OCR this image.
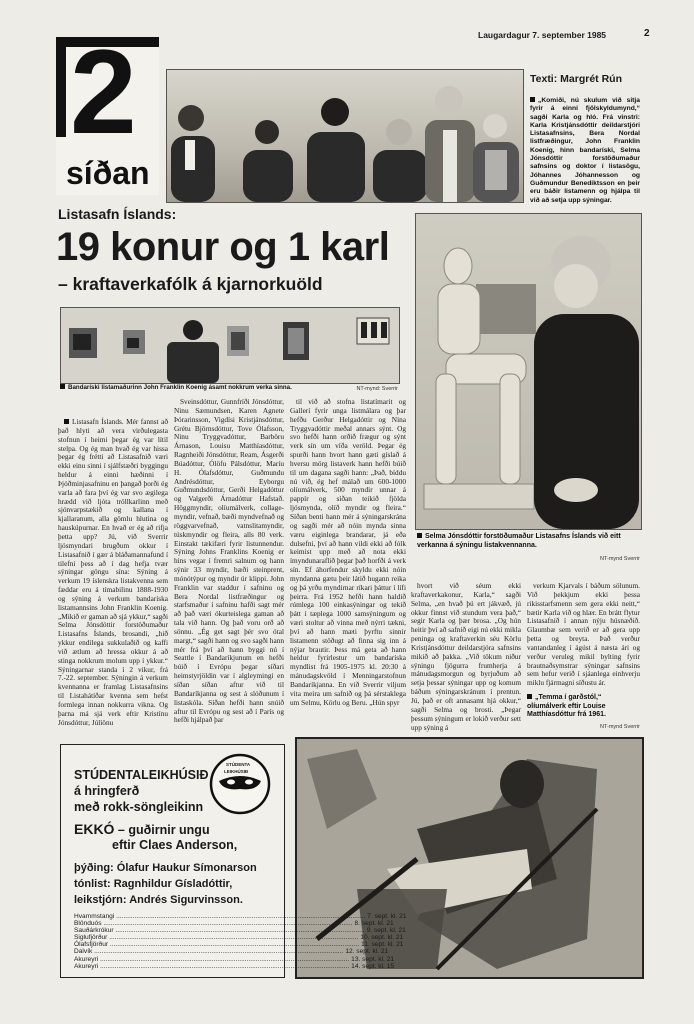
Laugardagur 7. september 1985	2
2
síðan
Texti: Margrét Rún
„Komiði, nú skulum við sitja fyrir á einni fjölskyldumynd,“ sagði Karla og hló. Frá vinstri: Karla Kristjánsdóttir deildarstjóri Listasafnsins, Bera Nordal listfræðingur, John Franklin Koenig, hinn bandaríski, Selma Jónsdóttir forstöðumaður safnsins og doktor í listasögu, Jóhannes Jóhannesson og Guðmundur Benediktsson en þeir eru báðir listamenn og hjálpa til við að setja upp sýningar.
Listasafn Íslands:
19 konur og 1 karl
– kraftaverkafólk á kjarnorkuöld
Bandaríski listamaðurinn John Franklin Koenig ásamt nokkrum verka sinna.	NT-mynd: Sverrir
Selma Jónsdóttir forstöðumaður Listasafns Íslands við eitt verkanna á sýningu listakvennanna.
NT-mynd Sverrir

Listasafn Íslands. Mér fannst að það hlyti að vera virðulegasta stofnun í heimi þegar ég var lítil stelpa. Og ég man hvað ég var hissa þegar ég frétti að Listasafnið væri ekki einu sinni í sjálfstæðri byggingu heldur á einni hæðinni í Þjóðminjasafninu en þangað þorði ég varla að fara því ég var svo ægilega hrædd við ljóta tröllkarlinn með sjónvarpstækið og kallana í kjallaranum, alla gömlu hlutina og hauskúpurnar. En hvað er ég að rifja þetta upp? Jú, við Sverrir ljósmyndari brugðum okkur í Listasafnið í gær á bláðamannafund í tilefni þess að í dag hefja tvær sýningar göngu sína: Sýning á verkum 19 íslenskra listakvenna sem fæddar eru á tímabilinu 1888-1930 og sýning á verkum bandaríska listamannsins John Franklin Koenig. „Mikið er gaman að sjá ykkur,“ sagði Selma Jónsdóttir forstöðumaður Listasafns Íslands, brosandi, „hið ykkur endilega sukkulaðið og kaffi við ætlum að hressa okkur á að stinga nokkrum molum upp í ykkur.“ Sýningarnar standa í 2 vikur, frá 7.-22. september. Sýningin á verkum kvennanna er framlag Listasafnsins til Listahátíðar kvenna sem hefst formlega innan nokkurra vikna. Og þarna má sjá verk eftir Kristínu Jónsdóttur, Júlíönu

Sveinsdóttur, Gunnfríði Jónsdóttur, Ninu Sæmundsen, Karen Agnete Þórarinsson, Vigdísi Kristjánsdóttur, Grétu Björnsdóttur, Tove Ólafsson, Ninu Tryggvadóttur, Barböru Árnason, Louisu Matthíasdóttur, Ragnheiði Jónsdóttur, Ream, Ásgerði Búadóttur, Ólöfu Pálsdóttur, Maríu H. Ólafsdóttur, Guðmundu Andrésdóttur, Eyborgu Guðmundsdóttur, Gerði Helgadóttur og Valgerði Árnadóttur Hafstað. Höggmyndir, olíumálverk, collage-myndir, vefnað, bæði myndvefnað og röggvarvefnað, vatnslitamyndir, túskmyndir og fleira, alls 80 verk. Einstakt tækifæri fyrir listunnendur. Sýning Johns Franklins Koenig er hins vegar í fremri salnum og hann sýnir 33 myndir, bæði steinprent, mónótýpur og myndir úr klippi. John Franklin var staddur í safninu og Bera Nordal listfræðingur og starfsmaður í safninu hafði sagt mér að það væri ókurteislega gaman að tala við hann. Og það voru orð að sönnu. „Ég get sagt þér svo ótal margt,“ sagði hann og svo sagði hann mér frá því að hann byggi nú í Seattle í Bandaríkjunum en hefði búið í Evrópu þegar síðari heimstyrjöldin var í algleymingi en síðan síðan aftur við til Bandaríkjanna og sest á slóðunum í listaskóla. Síðan hefði hann snúið aftur til Evrópu og sest að í París og hefði hjálpað þar

til við að stofna listatímarit og Gallerí fyrir unga listmálara og þar hefðu Gerður Helgadóttir og Nina Tryggvadóttir meðal annars sýnt. Og svo hefði hann orðið frægur og sýnt verk sín um víða veröld. Þegar ég spurði hann hvort hann gæti gíslað á hversu mörg listaverk hann hefði búið til um dagana sagði hann: „Það, bíddu nú við, ég hef málað um 600-1000 olíumálverk, 500 myndir unnar á pappír og síðan teikið fjölda ljósmynda, olíð myndir og fleira.“ Síðan benti hann mér á sýningarskrána og sagði mér að nóin mynda sinna væru eiginlega brandarar, já eða dulsefni, því að hann vildi ekki að fólk keimist upp með að nota ekki ímyndunaraflið þegar það horfði á verk sín. Ef áhorfendur skyldu ekki nóin myndanna gætu þeir látið hugann reika og þá yrðu myndirnar ríkari þáttur í lífi þeirra. Frá 1952 hefði hann haldið rúmlega 100 einkasýningar og tekið þátt í tæplega 1000 samsýningum og væri stoltur að vinna með nýrri tækni, því að hann mæti þyrftu sinnir listamenn stöðugt að finna sig inn á nýjar brautir. Þess má geta að hann heldur fyrirlestur um bandaríska myndlist frá 1905-1975 kl. 20:30 á mánudagskvöld í Menningarstofnun Bandaríkjanna. En við Sverrir viljum vita meira um safnið og þá sérstaklega um Selmu, Körlu og Beru. „Hún spyr

hvort við séum ekki kraftaverkakonur, Karla,“ sagði Selma, „en hvað þú ert jákvæð, jú okkur finnst við stundum vera það,“ segir Karla og þær brosa. „Og hún heitir því að safnið eigi nú ekki mikla peninga og kraftaverkin séu Körlu Kristjánsdóttur deildarstjóra safnsins mikið að þakka. „Við tökum niður sýningu fjögurra frumherja á mánudagsmorgun og byrjuðum að setja þessar sýningar upp og komum báðum sýningarskránum í prentun. Jú, það er oft annasamt hjá okkur,“ sagði Selma og brosti. „Þegar þessum sýningum er lokið verður sett upp sýning á

verkum Kjarvals í báðum sölunum. Við þekkjum ekki þessa rikisstarfsmenn sem gera ekki neitt,“ bætir Karla við og hlær. En brátt flytur Listasafnið í annan nýju húsnæðið. Glaumbæ sem verið er að gera upp þetta og breyta. Það verður vantandanleg í ágúst á næsta ári og verður veruleg mikil bylting fyrir brautnaðsymstrar sýningar safnsins sem hefur verið í sjáanlega einhverju miklu fjármagni síðustu ár.

„Temma í garðstól,“ olíumálverk eftir Louise Matthíasdóttur frá 1961.
NT-mynd Sverrir
STÚDENTALEIKHÚSIÐ
á hringferð
með rokk-söngleikinn
STÚDENTA
LEIKHÚSIÐ
EKKÓ – guðirnir ungu
eftir Claes Anderson,
þýðing: Ólafur Haukur Símonarson
tónlist: Ragnhildur Gísladóttir,
leikstjórn: Andrés Sigurvinsson.
Hvammstangi .....	7. sept. kl. 21
Blönduós .....	8. sept. kl. 21
Sauðárkrókur .....	9. sept. kl. 21
Siglufjörður .....	10. sept. kl. 21
Ólafsfjörður .....	11. sept. kl. 21
Dalvík .....	12. sept. kl. 21
Akureyri .....	13. sept. kl. 21
Akureyri .....	14. sept. kl. 15
